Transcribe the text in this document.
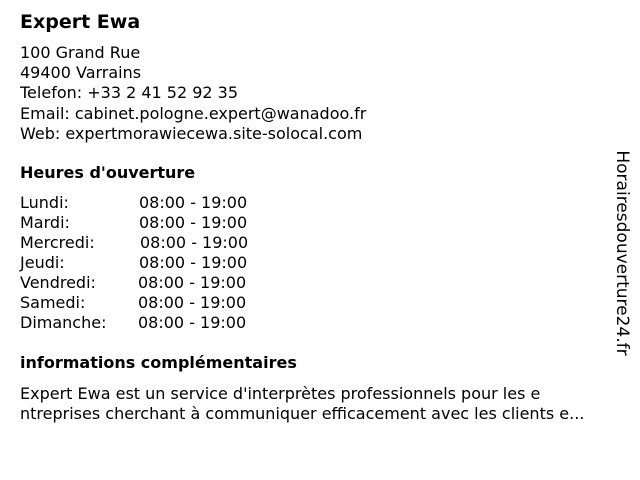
Expert Ewa
100 Grand Rue
49400 Varrains
Telefon: +33 2 41 52 92 35
Email: cabinet.pologne.expert@wanadoo.fr
Web: expertmorawiecewa.site-solocal.com
Heures d'ouverture
Lundi:	08:00 - 19:00
Mardi:	08:00 - 19:00
Mercredi:	08:00 - 19:00
Jeudi:	08:00 - 19:00
Vendredi:	08:00 - 19:00
Samedi:	08:00 - 19:00
Dimanche: 08:00 - 19:00
informations complémentaires
Expert Ewa est un service d'interprètes professionnels pour les e
ntreprises cherchant à communiquer efficacement avec les clients e...
Horairesdouverture24.fr
